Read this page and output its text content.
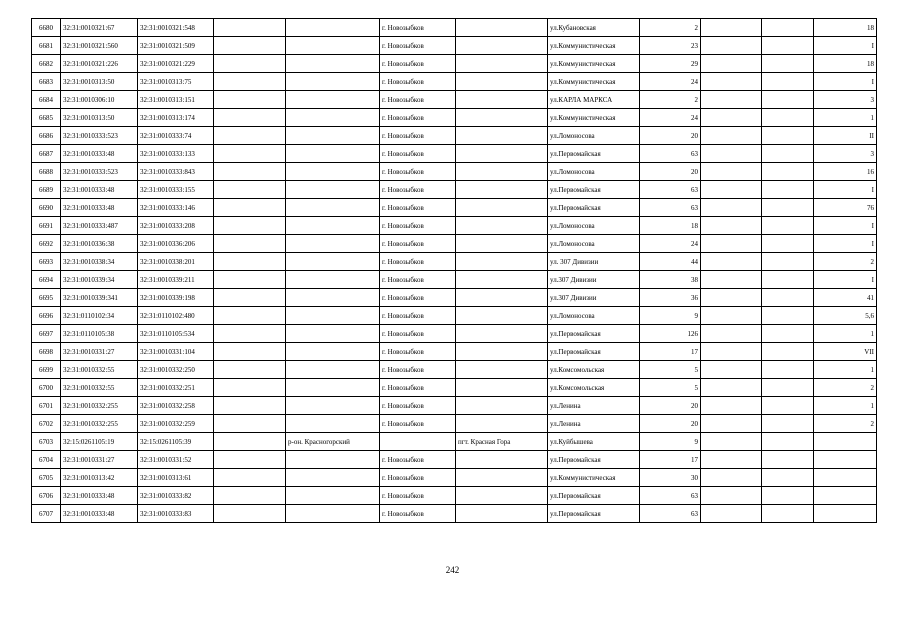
6680	32:31:0010321:67	32:31:0010321:548			г. Новозыбков		ул.Кубановская	2			18
6681	32:31:0010321:560	32:31:0010321:509			г. Новозыбков		ул.Коммунистическая	23			I
6682	32:31:0010321:226	32:31:0010321:229			г. Новозыбков		ул.Коммунистическая	29			18
6683	32:31:0010313:50	32:31:0010313:75			г. Новозыбков		ул.Коммунистическая	24			I
6684	32:31:0010306:10	32:31:0010313:151			г. Новозыбков		ул.КАРЛА МАРКСА	2			3
6685	32:31:0010313:50	32:31:0010313:174			г. Новозыбков		ул.Коммунистическая	24			1
6686	32:31:0010333:523	32:31:0010333:74			г. Новозыбков		ул.Ломоносова	20			II
6687	32:31:0010333:48	32:31:0010333:133			г. Новозыбков		ул.Первомайская	63			3
6688	32:31:0010333:523	32:31:0010333:843			г. Новозыбков		ул.Ломоносова	20			16
6689	32:31:0010333:48	32:31:0010333:155			г. Новозыбков		ул.Первомайская	63			I
6690	32:31:0010333:48	32:31:0010333:146			г. Новозыбков		ул.Первомайская	63			76
6691	32:31:0010333:487	32:31:0010333:208			г. Новозыбков		ул.Ломоносова	18			I
6692	32:31:0010336:38	32:31:0010336:206			г. Новозыбков		ул.Ломоносова	24			I
6693	32:31:0010338:34	32:31:0010338:201			г. Новозыбков		ул. 307 Дивизии	44			2
6694	32:31:0010339:34	32:31:0010339:211			г. Новозыбков		ул.307 Дивизии	38			I
6695	32:31:0010339:341	32:31:0010339:198			г. Новозыбков		ул.307 Дивизии	36			41
6696	32:31:0110102:34	32:31:0110102:480			г. Новозыбков		ул.Ломоносова	9			5,6
6697	32:31:0110105:38	32:31:0110105:534			г. Новозыбков		ул.Первомайская	126			1
6698	32:31:0010331:27	32:31:0010331:104			г. Новозыбков		ул.Первомайская	17			VII
6699	32:31:0010332:55	32:31:0010332:250			г. Новозыбков		ул.Комсомольская	5			1
6700	32:31:0010332:55	32:31:0010332:251			г. Новозыбков		ул.Комсомольская	5			2
6701	32:31:0010332:255	32:31:0010332:258			г. Новозыбков		ул.Ленина	20			1
6702	32:31:0010332:255	32:31:0010332:259			г. Новозыбков		ул.Ленина	20			2
6703	32:15:0261105:19	32:15:0261105:39		р-он. Красногорский		пгт. Красная Гора	ул.Куйбышева	9			
6704	32:31:0010331:27	32:31:0010331:52			г. Новозыбков		ул.Первомайская	17			
6705	32:31:0010313:42	32:31:0010313:61			г. Новозыбков		ул.Коммунистическая	30			
6706	32:31:0010333:48	32:31:0010333:82			г. Новозыбков		ул.Первомайская	63			
6707	32:31:0010333:48	32:31:0010333:83			г. Новозыбков		ул.Первомайская	63			
242
